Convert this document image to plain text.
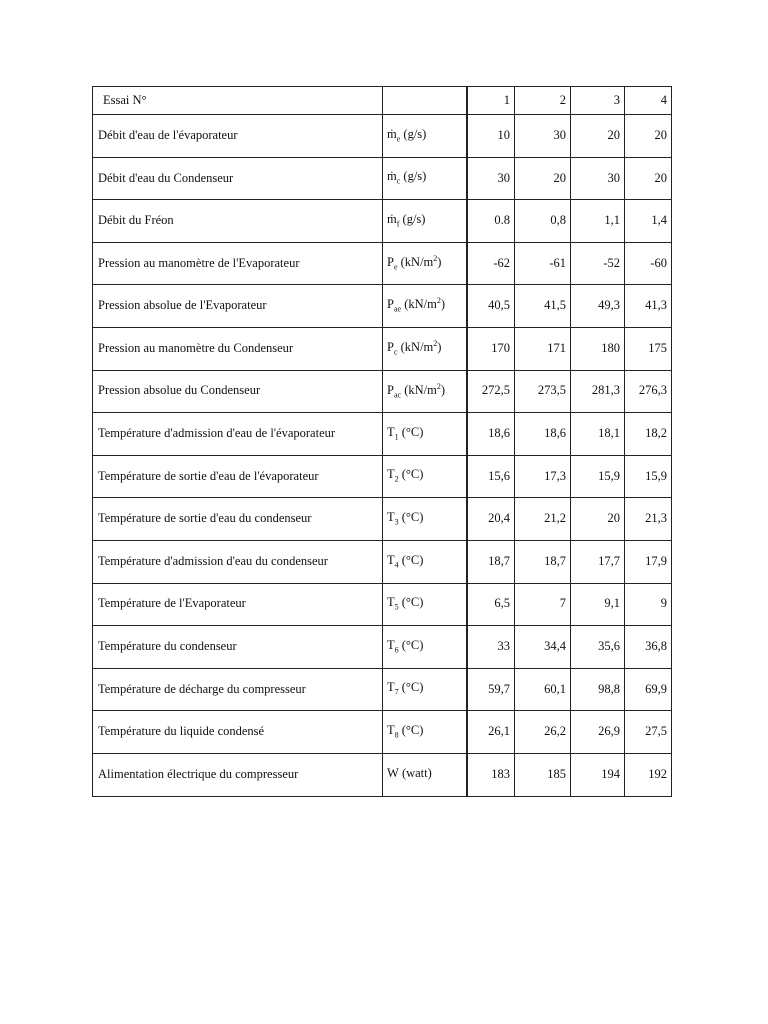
Essai N°		1	2	3	4
Débit d'eau de l'évaporateur	ṁ$_e$ (g/s)	10	30	20	20
Débit d'eau du Condenseur	ṁ$_c$ (g/s)	30	20	30	20
Débit du Fréon	ṁ$_f$ (g/s)	0.8	0,8	1,1	1,4
Pression au manomètre de l'Evaporateur	$P_e$ $(kN/m^2)$	-62	-61	-52	-60
Pression absolue de l'Evaporateur	$P_{ae}$ $(kN/m^2)$	40,5	41,5	49,3	41,3
Pression au manomètre du Condenseur	$P_c$ $(kN/m^2)$	170	171	180	175
Pression absolue du Condenseur	$P_{ac}$ $(kN/m^2)$	272,5	273,5	281,3	276,3
Température d'admission d'eau de l'évaporateur	$T_1$ (°C)	18,6	18,6	18,1	18,2
Température de sortie d'eau de l'évaporateur	$T_2$ (°C)	15,6	17,3	15,9	15,9
Température de sortie d'eau du condenseur	$T_3$ (°C)	20,4	21,2	20	21,3
Température d'admission d'eau du condenseur	$T_4$ (°C)	18,7	18,7	17,7	17,9
Température de l'Evaporateur	$T_5$ (°C)	6,5	7	9,1	9
Température du condenseur	$T_6$ (°C)	33	34,4	35,6	36,8
Température de décharge du compresseur	$T_7$ (°C)	59,7	60,1	98,8	69,9
Température du liquide condensé	$T_8$ (°C)	26,1	26,2	26,9	27,5
Alimentation électrique du compresseur	W (watt)	183	185	194	192
